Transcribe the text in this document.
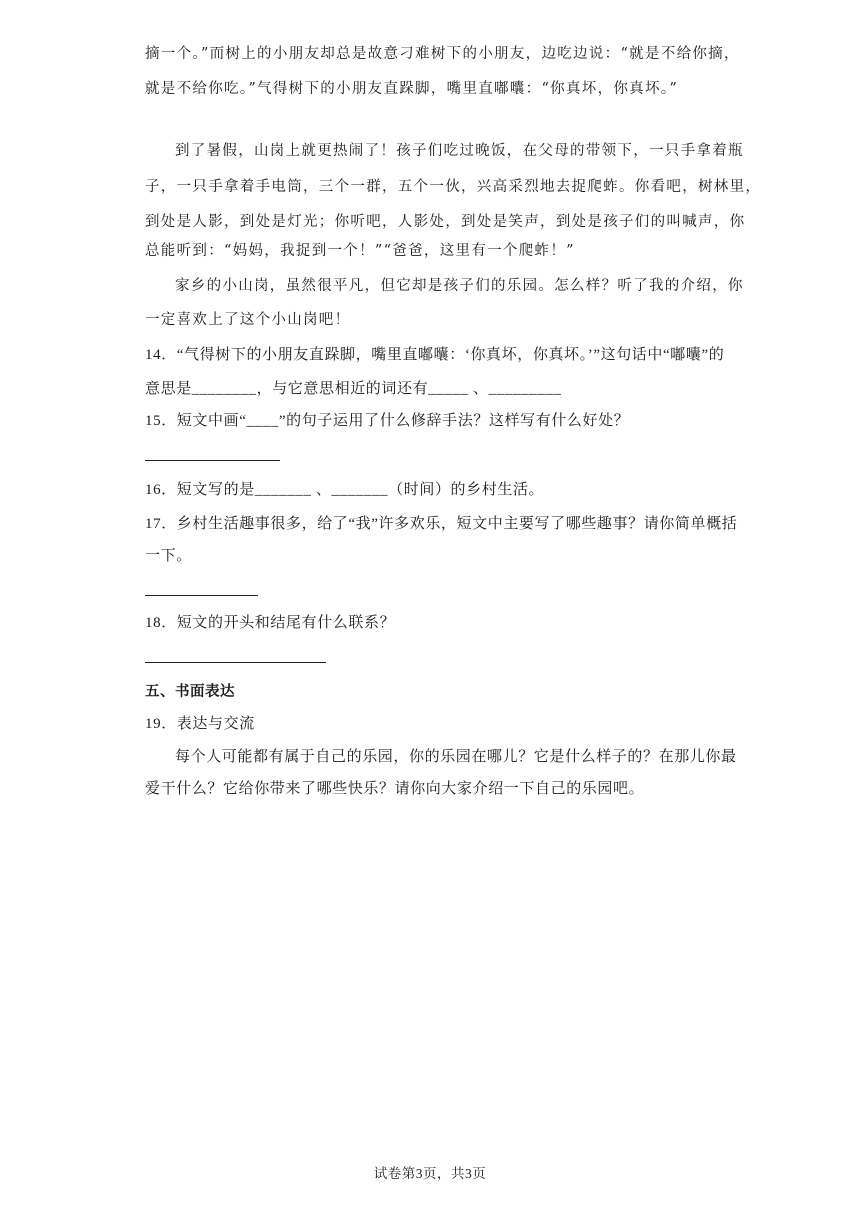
摘一个。”而树上的小朋友却总是故意刁难树下的小朋友，边吃边说：“就是不给你摘，
就是不给你吃。”气得树下的小朋友直跺脚，嘴里直嘟囔：“你真坏，你真坏。”
到了暑假，山岗上就更热闹了！孩子们吃过晚饭，在父母的带领下，一只手拿着瓶
子，一只手拿着手电筒，三个一群，五个一伙，兴高采烈地去捉爬蚱。你看吧，树林里，
到处是人影，到处是灯光；你听吧，人影处，到处是笑声，到处是孩子们的叫喊声，你
总能听到：“妈妈，我捉到一个！”“爸爸，这里有一个爬蚱！”
家乡的小山岗，虽然很平凡，但它却是孩子们的乐园。怎么样？听了我的介绍，你
一定喜欢上了这个小山岗吧！
14．“气得树下的小朋友直跺脚，嘴里直嘟囔：‘你真坏，你真坏。’”这句话中“嘟囔”的
意思是________，与它意思相近的词还有_____ 、_________
15．短文中画“____”的句子运用了什么修辞手法？这样写有什么好处？
16．短文写的是_______ 、_______（时间）的乡村生活。
17．乡村生活趣事很多，给了“我”许多欢乐，短文中主要写了哪些趣事？请你简单概括
一下。
18．短文的开头和结尾有什么联系？
五、书面表达
19．表达与交流
每个人可能都有属于自己的乐园，你的乐园在哪儿？它是什么样子的？在那儿你最
爱干什么？它给你带来了哪些快乐？请你向大家介绍一下自己的乐园吧。
试卷第3页，共3页
